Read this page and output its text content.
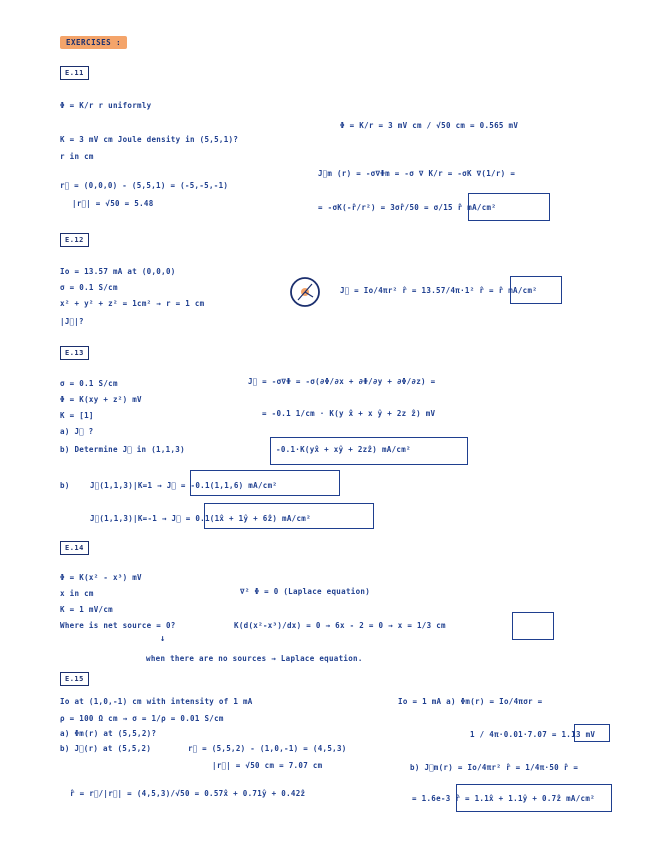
EXERCISES :
E.11
Φ = K/r r uniformly
K = 3 mV cm Joule density in (5,5,1)?
r in cm
r⃗ = (0,0,0) - (5,5,1) = (-5,-5,-1)
|r⃗| = √50 = 5.48
Φ = K/r = 3 mV cm / √50 cm = 0.565 mV
J⃗m (r) = -σ∇Φm = -σ ∇ K/r = -σK ∇(1/r) =
= -σK(-r̂/r²) = 3σr̂/50 = σ/15 r̂ mA/cm²
E.12
Io = 13.57 mA at (0,0,0)
σ = 0.1 S/cm
x² + y² + z² = 1cm² → r = 1 cm
|J⃗|?
J⃗ = Io/4πr² r̂ = 13.57/4π·1² r̂ = r̂ mA/cm²
E.13
σ = 0.1 S/cm
Φ = K(xy + z²) mV
K = [1]
a) J⃗ ?
b) Determine J⃗ in (1,1,3)
J⃗ = -σ∇Φ = -σ(∂Φ/∂x + ∂Φ/∂y + ∂Φ/∂z) =
= -0.1 1/cm · K(y x̂ + x ŷ + 2z ẑ) mV
-0.1·K(yx̂ + xŷ + 2zẑ) mA/cm²
b)	J⃗(1,1,3)|K=1 → J⃗ = -0.1(1,1,6) mA/cm²
J⃗(1,1,3)|K=-1 → J⃗ = 0.1(1x̂ + 1ŷ + 6ẑ) mA/cm²
E.14
Φ = K(x² - x³) mV
x in cm
K = 1 mV/cm
Where is net source = 0?
↓
∇² Φ = 0 (Laplace equation)
K(d(x²-x³)/dx) = 0 → 6x - 2 = 0 → x = 1/3 cm
when there are no sources → Laplace equation.
E.15
Io at (1,0,-1) cm with intensity of 1 mA
ρ = 100 Ω cm → σ = 1/ρ = 0.01 S/cm
a) Φm(r) at (5,5,2)?
b) J⃗(r) at (5,5,2)	r⃗ = (5,5,2) - (1,0,-1) = (4,5,3)
|r⃗| = √50 cm = 7.07 cm
Io = 1 mA a) Φm(r) = Io/4πσr =
1 / 4π·0.01·7.07 = 1.13 mV
b) J⃗m(r) = Io/4πr² r̂ = 1/4π·50 r̂ =
r̂ = r⃗/|r⃗| = (4,5,3)/√50 = 0.57x̂ + 0.71ŷ + 0.42ẑ
= 1.6e-3 r̂ = 1.1x̂ + 1.1ŷ + 0.7ẑ mA/cm²
